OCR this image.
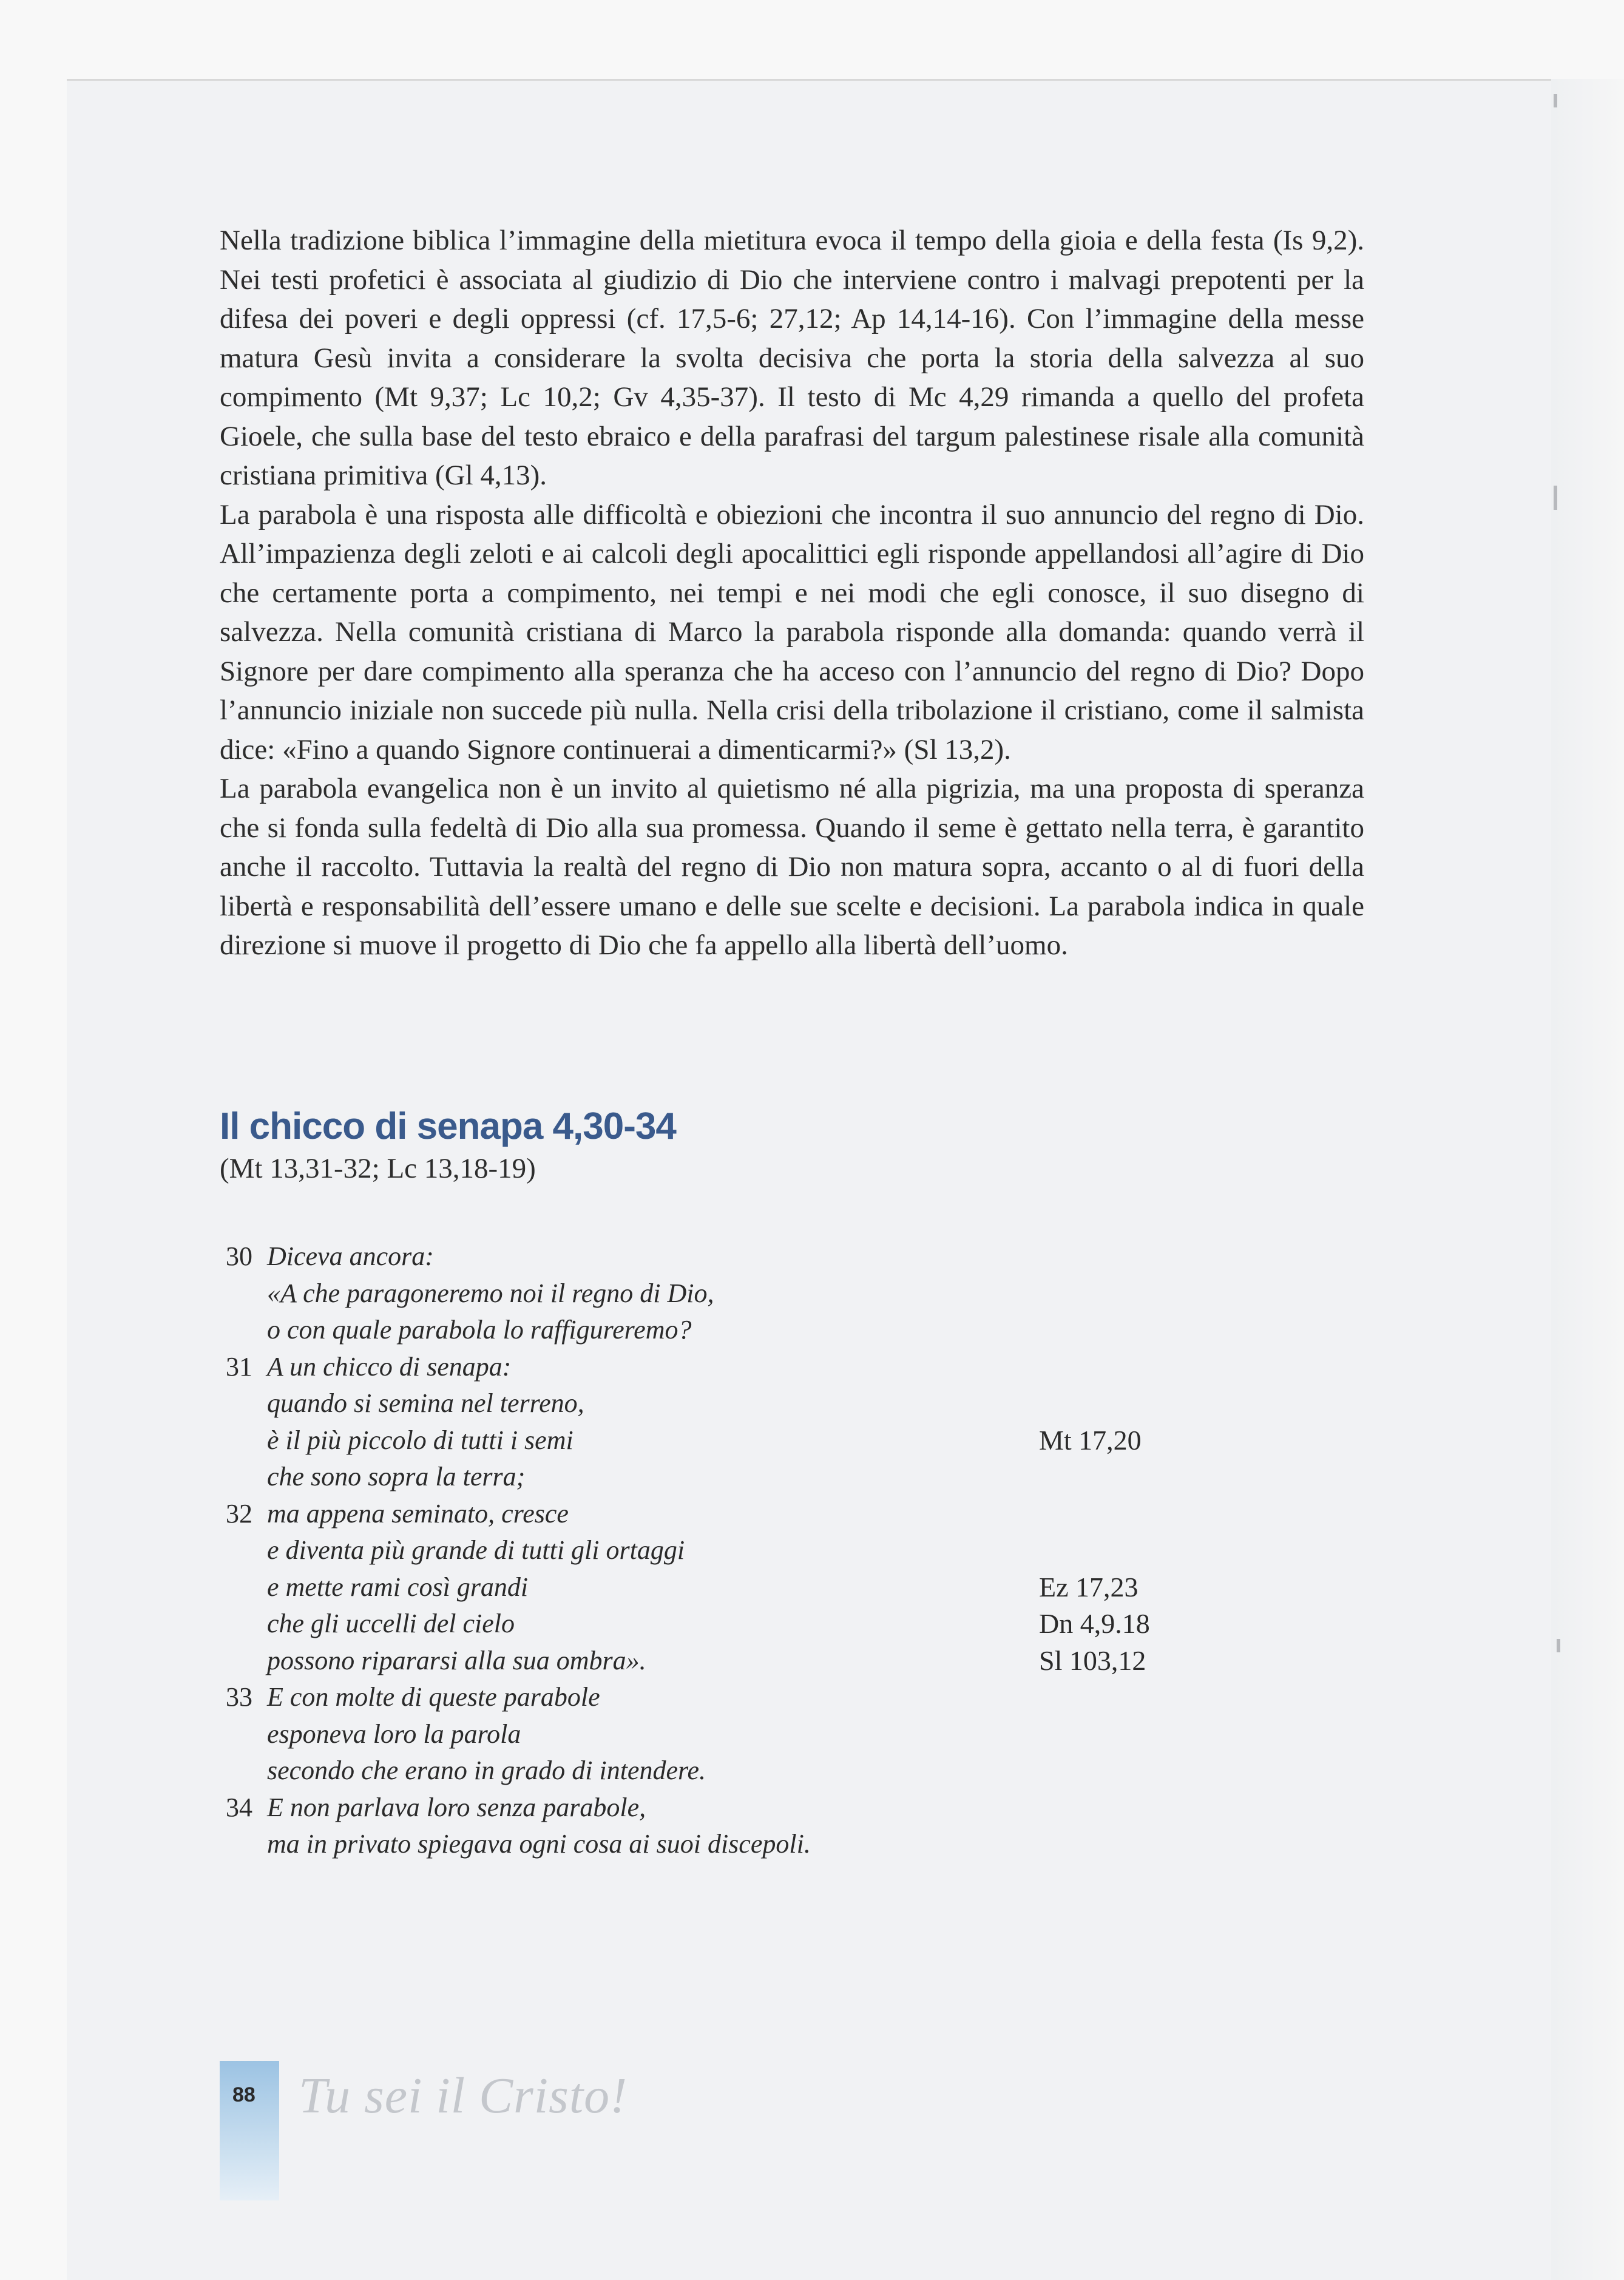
Nella tradizione biblica l’immagine della mietitura evoca il tempo della gioia e della festa (Is 9,2). Nei testi profetici è associata al giudizio di Dio che interviene contro i malvagi prepotenti per la difesa dei poveri e degli oppressi (cf. 17,5-6; 27,12; Ap 14,14-16). Con l’immagine della messe matura Gesù invita a considerare la svolta decisiva che porta la storia della salvezza al suo compimento (Mt 9,37; Lc 10,2; Gv 4,35-37). Il testo di Mc 4,29 rimanda a quello del profeta Gioele, che sulla base del testo ebraico e della parafrasi del targum palestinese risale alla comunità cristiana primitiva (Gl 4,13).

La parabola è una risposta alle difficoltà e obiezioni che incontra il suo annuncio del regno di Dio. All’impazienza degli zeloti e ai calcoli degli apocalittici egli risponde appellandosi all’agire di Dio che certamente porta a compimento, nei tempi e nei modi che egli conosce, il suo disegno di salvezza. Nella comunità cristiana di Marco la parabola risponde alla domanda: quando verrà il Signore per dare compimento alla speranza che ha acceso con l’annuncio del regno di Dio? Dopo l’annuncio iniziale non succede più nulla. Nella crisi della tribolazione il cristiano, come il salmista dice: «Fino a quando Signore continuerai a dimenticarmi?» (Sl 13,2).

La parabola evangelica non è un invito al quietismo né alla pigrizia, ma una proposta di speranza che si fonda sulla fedeltà di Dio alla sua promessa. Quando il seme è gettato nella terra, è garantito anche il raccolto. Tuttavia la realtà del regno di Dio non matura sopra, accanto o al di fuori della libertà e responsabilità dell’essere umano e delle sue scelte e decisioni. La parabola indica in quale direzione si muove il progetto di Dio che fa appello alla libertà dell’uomo.

Il chicco di senapa 4,30-34
(Mt 13,31-32; Lc 13,18-19)
30 Diceva ancora:
«A che paragoneremo noi il regno di Dio,
o con quale parabola lo raffigureremo?
31 A un chicco di senapa:
quando si semina nel terreno,
è il più piccolo di tutti i semi	Mt 17,20
che sono sopra la terra;
32 ma appena seminato, cresce
e diventa più grande di tutti gli ortaggi
e mette rami così grandi	Ez 17,23
che gli uccelli del cielo	Dn 4,9.18
possono ripararsi alla sua ombra».	Sl 103,12
33 E con molte di queste parabole
esponeva loro la parola
secondo che erano in grado di intendere.
34 E non parlava loro senza parabole,
ma in privato spiegava ogni cosa ai suoi discepoli.
88 Tu sei il Cristo!
